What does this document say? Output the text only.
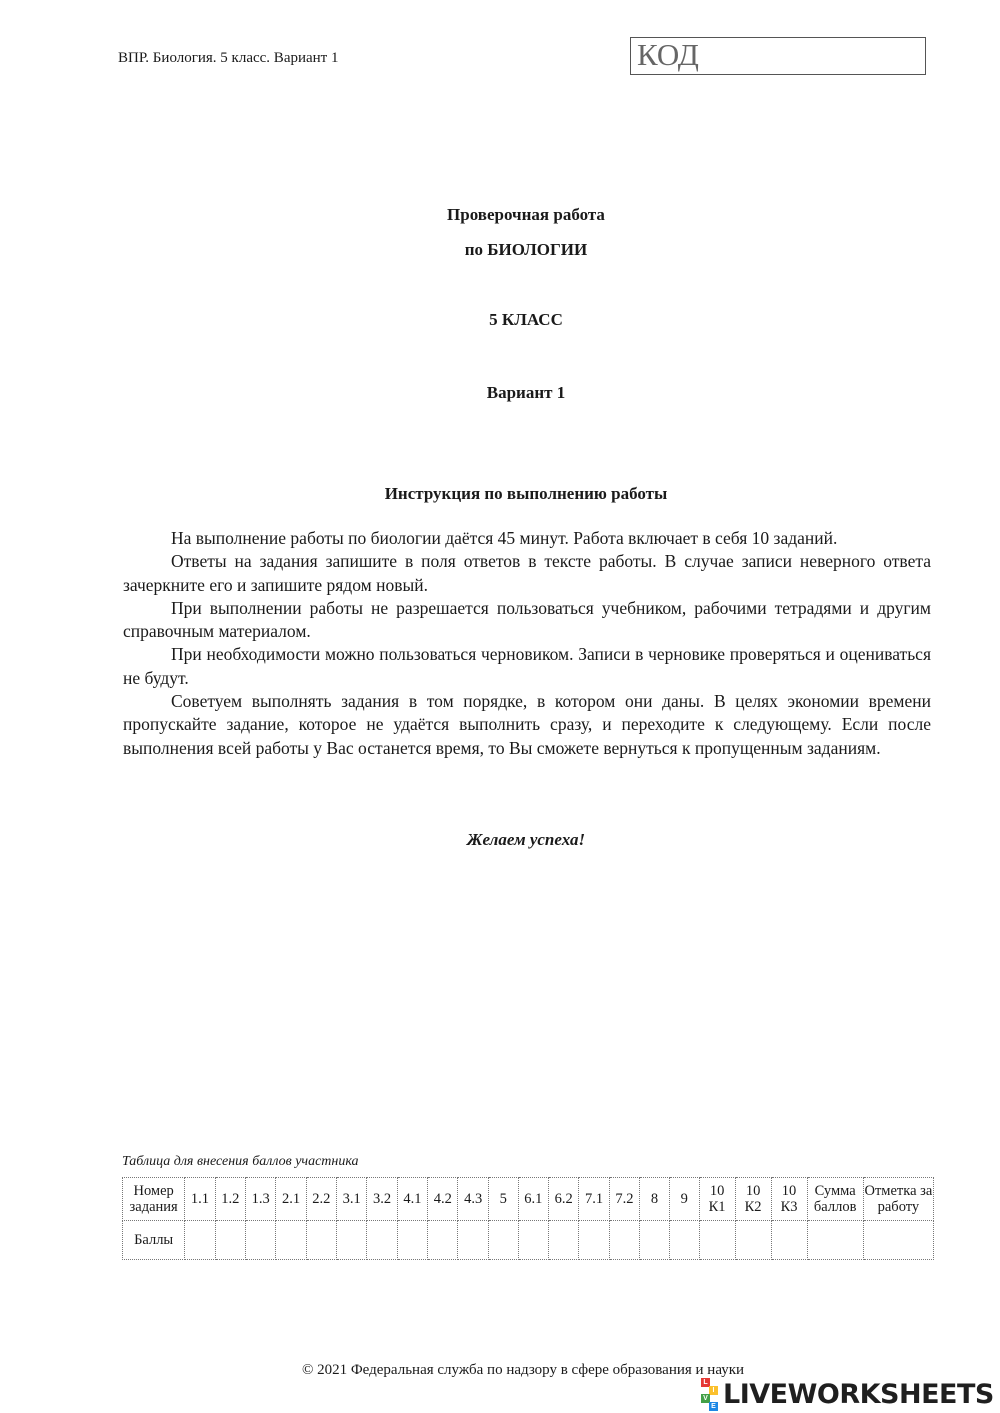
ВПР. Биология. 5 класс. Вариант 1	КОД
Проверочная работа
по БИОЛОГИИ
5 КЛАСС
Вариант 1
Инструкция по выполнению работы

На выполнение работы по биологии даётся 45 минут. Работа включает в себя 10 заданий.

Ответы на задания запишите в поля ответов в тексте работы. В случае записи неверного ответа зачеркните его и запишите рядом новый.

При выполнении работы не разрешается пользоваться учебником, рабочими тетрадями и другим справочным материалом.

При необходимости можно пользоваться черновиком. Записи в черновике проверяться и оцениваться не будут.

Советуем выполнять задания в том порядке, в котором они даны. В целях экономии времени пропускайте задание, которое не удаётся выполнить сразу, и переходите к следующему. Если после выполнения всей работы у Вас останется время, то Вы сможете вернуться к пропущенным заданиям.

Желаем успеха!
Таблица для внесения баллов участника
Номер задания	1.1	1.2	1.3	2.1	2.2	3.1	3.2	4.1	4.2	4.3	5	6.1	6.2	7.1	7.2	8	9	10 К1	10 К2	10 К3	Сумма баллов	Отметка за работу
Баллы																						
© 2021 Федеральная служба по надзору в сфере образования и науки
L
I
V
E LIVEWORKSHEETS
